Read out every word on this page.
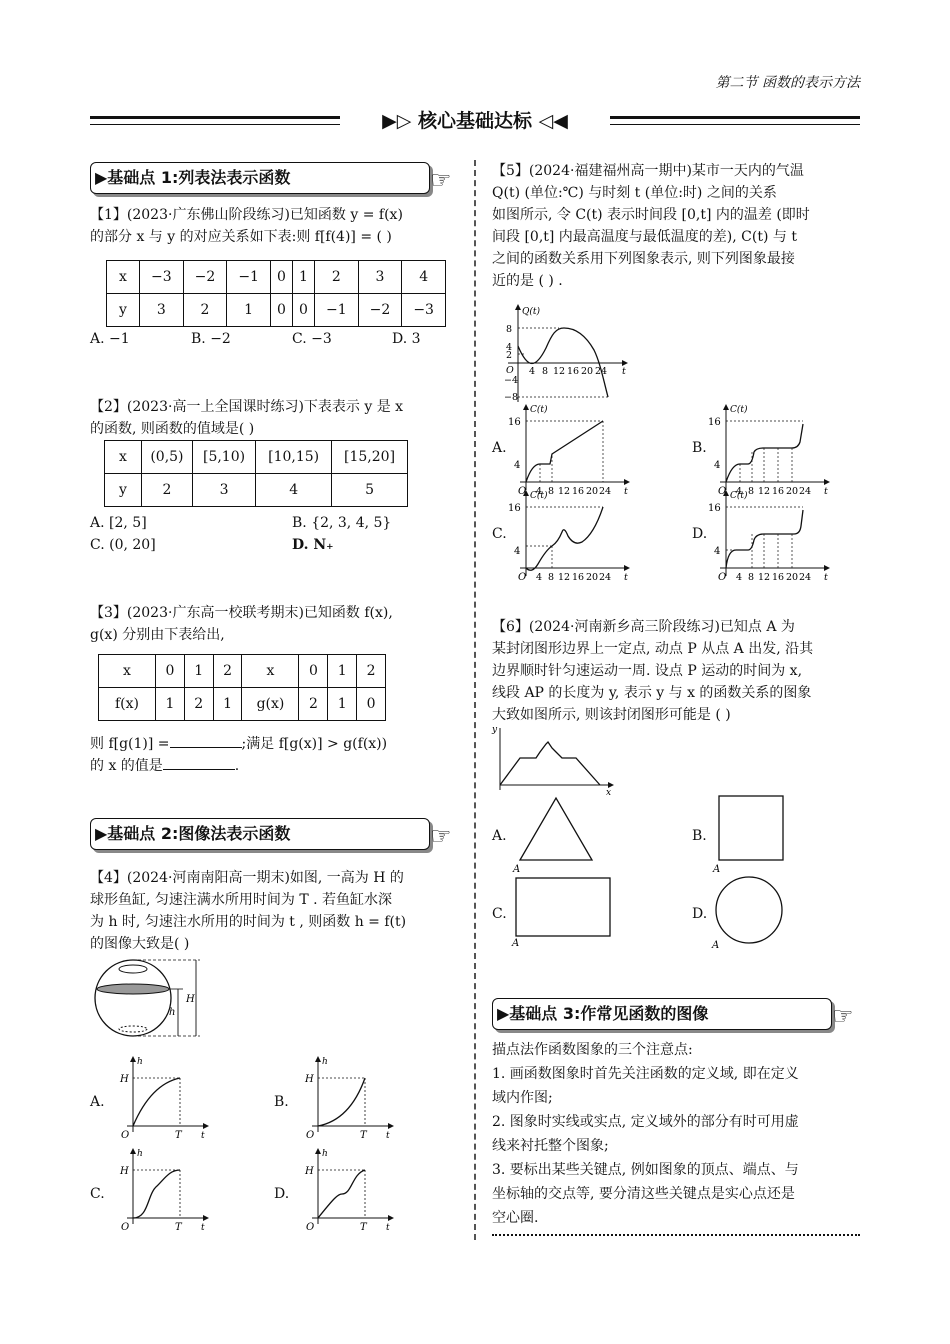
第二节 函数的表示方法
▶▷ 核心基础达标 ◁◀
▶基础点 1:列表法表示函数	☞
【1】(2023·广东佛山阶段练习)已知函数 y = f(x)
的部分 x 与 y 的对应关系如下表:则 f[f(4)] = ( )
x	−3	−2	−1	0	1	2	3	4
y	3	2	1	0	0	−1	−2	−3
A. −1	B. −2	C. −3	D. 3
【2】(2023·高一上全国课时练习)下表表示 y 是 x
的函数, 则函数的值域是( )
x	(0,5)	[5,10)	[10,15)	[15,20]
y	2	3	4	5
A. [2, 5]	B. {2, 3, 4, 5}
C. (0, 20]	D. N₊
【3】(2023·广东高一校联考期末)已知函数 f(x),
g(x) 分别由下表给出,
x	0	1	2	x	0	1	2
f(x)	1	2	1	g(x)	2	1	0
则 f[g(1)] =	;满足 f[g(x)] > g(f(x))
的 x 的值是	.
▶基础点 2:图像法表示函数	☞
【4】(2024·河南南阳高一期末)如图, 一高为 H 的
球形鱼缸, 匀速注满水所用时间为 T . 若鱼缸水深
为 h 时, 匀速注水所用的时间为 t , 则函数 h = f(t)
的图像大致是( )
H
h
A.	B.
C.	D.
【5】(2024·福建福州高一期中)某市一天内的气温
Q(t) (单位:℃) 与时刻 t (单位:时) 之间的关系
如图所示, 令 C(t) 表示时间段 [0,t] 内的温差 (即时
间段 [0,t] 内最高温度与最低温度的差), C(t) 与 t
之间的函数关系用下列图象表示, 则下列图象最接
近的是 ( ) .
Q(t)
8
4
2
O
−4
−8
4 8 12 16 20 24 t
A.	B.
C.	D.
【6】(2024·河南新乡高三阶段练习)已知点 A 为
某封闭图形边界上一定点, 动点 P 从点 A 出发, 沿其
边界顺时针匀速运动一周. 设点 P 运动的时间为 x,
线段 AP 的长度为 y, 表示 y 与 x 的函数关系的图象
大致如图所示, 则该封闭图形可能是 ( )
y
x
A.	B.
C.	D.
A	A
A	A
▶基础点 3:作常见函数的图像	☞
描点法作函数图象的三个注意点:
1. 画函数图象时首先关注函数的定义域, 即在定义
域内作图;
2. 图象时实线或实点, 定义域外的部分有时可用虚
线来衬托整个图象;
3. 要标出某些关键点, 例如图象的顶点、端点、与
坐标轴的交点等, 要分清这些关键点是实心点还是
空心圈.
